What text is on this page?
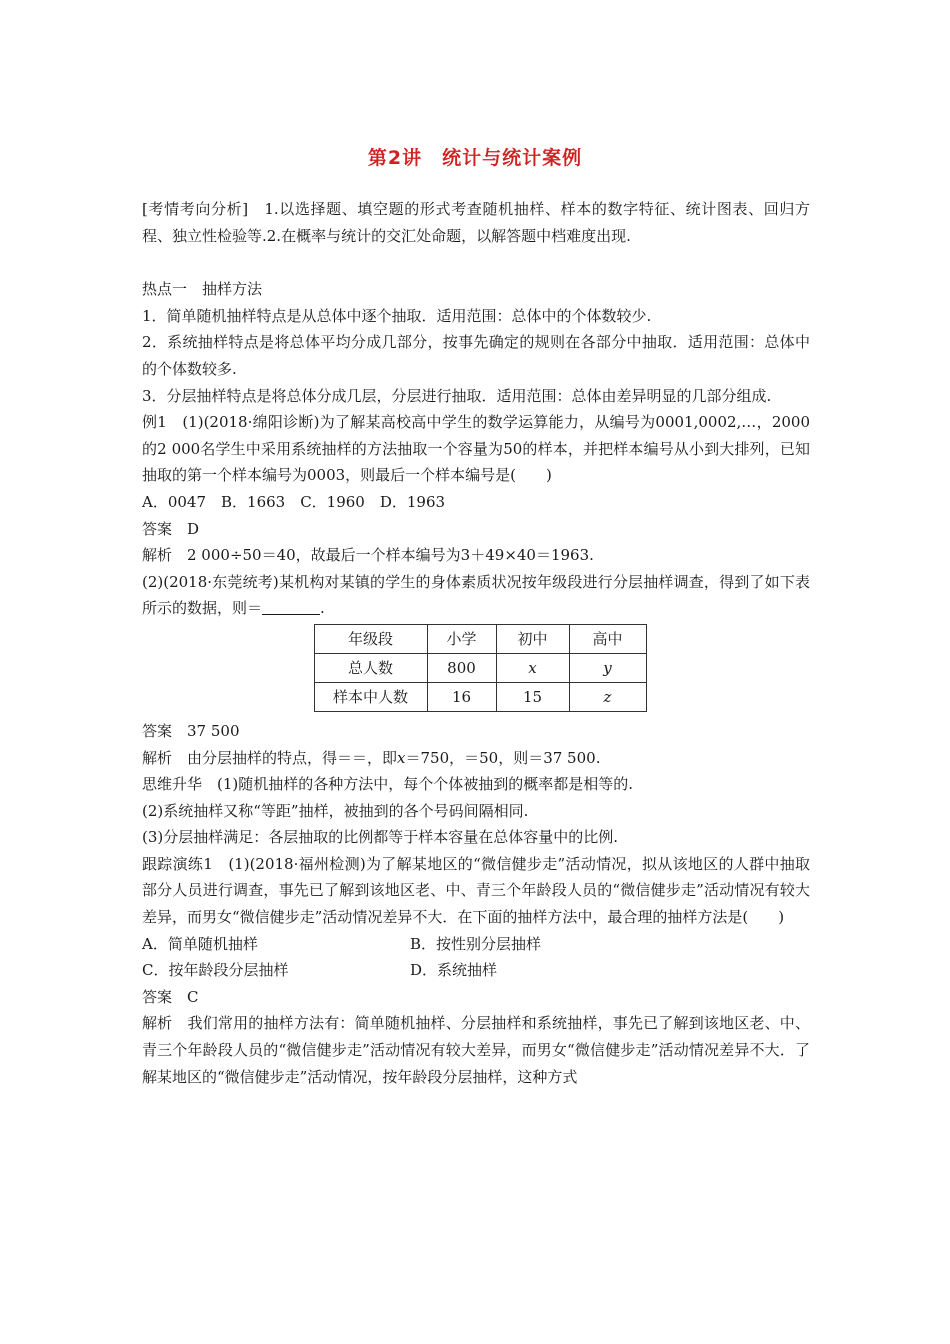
第2讲　统计与统计案例

[考情考向分析]　1.以选择题、填空题的形式考查随机抽样、样本的数字特征、统计图表、回归方程、独立性检验等.2.在概率与统计的交汇处命题，以解答题中档难度出现.

热点一　抽样方法

1．简单随机抽样特点是从总体中逐个抽取．适用范围：总体中的个体数较少.

2．系统抽样特点是将总体平均分成几部分，按事先确定的规则在各部分中抽取．适用范围：总体中的个体数较多.

3．分层抽样特点是将总体分成几层，分层进行抽取．适用范围：总体由差异明显的几部分组成.

例1　(1)(2018·绵阳诊断)为了解某高校高中学生的数学运算能力，从编号为0001,0002,…，2000的2 000名学生中采用系统抽样的方法抽取一个容量为50的样本，并把样本编号从小到大排列，已知抽取的第一个样本编号为0003，则最后一个样本编号是(　　)

A．0047　B．1663　C．1960　D．1963

答案　D

解析　2 000÷50＝40，故最后一个样本编号为3＋49×40＝1963.

(2)(2018·东莞统考)某机构对某镇的学生的身体素质状况按年级段进行分层抽样调查，得到了如下表所示的数据，则＝	.

年级段	小学	初中	高中
总人数	800	x	y
样本中人数	16	15	z

答案　37 500

解析　由分层抽样的特点，得＝＝，即x＝750，＝50，则＝37 500.

思维升华　(1)随机抽样的各种方法中，每个个体被抽到的概率都是相等的.

(2)系统抽样又称“等距”抽样，被抽到的各个号码间隔相同.

(3)分层抽样满足：各层抽取的比例都等于样本容量在总体容量中的比例.

跟踪演练1　(1)(2018·福州检测)为了解某地区的“微信健步走”活动情况，拟从该地区的人群中抽取部分人员进行调查，事先已了解到该地区老、中、青三个年龄段人员的“微信健步走”活动情况有较大差异，而男女“微信健步走”活动情况差异不大．在下面的抽样方法中，最合理的抽样方法是(　　)

A．简单随机抽样	B．按性别分层抽样
C．按年龄段分层抽样	D．系统抽样

答案　C

解析　我们常用的抽样方法有：简单随机抽样、分层抽样和系统抽样，事先已了解到该地区老、中、青三个年龄段人员的“微信健步走”活动情况有较大差异，而男女“微信健步走”活动情况差异不大．了解某地区的“微信健步走”活动情况，按年龄段分层抽样，这种方式
